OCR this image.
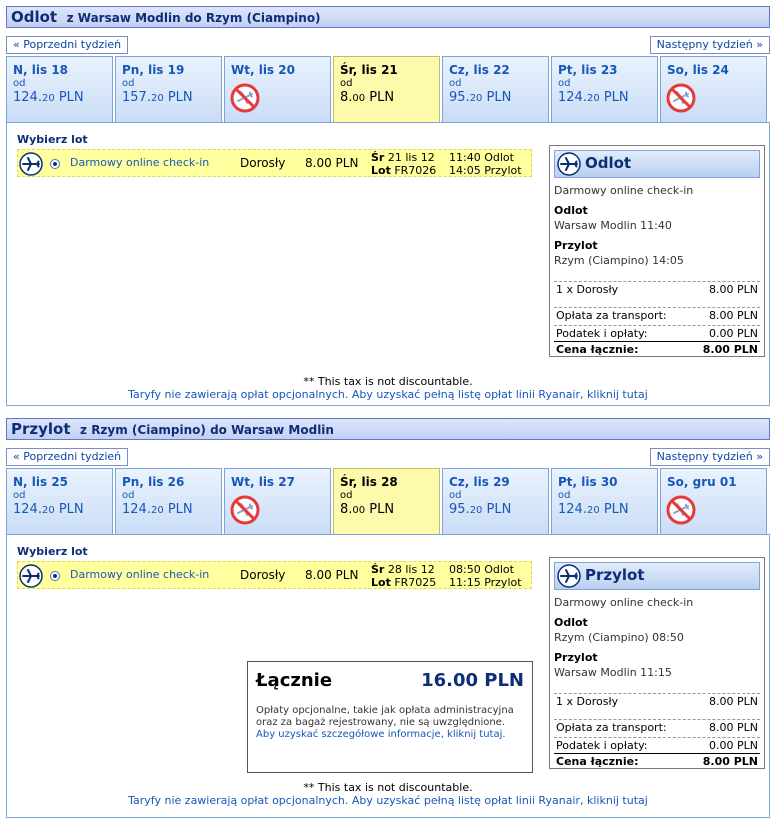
Odlot z Warsaw Modlin do Rzym (Ciampino)
« Poprzedni tydzień	Następny tydzień »
N, lis 18
od
124.20 PLN
Pn, lis 19
od
157.20 PLN
Wt, lis 20	Śr, lis 21
od
8.00 PLN
Cz, lis 22
od
95.20 PLN
Pt, lis 23
od
124.20 PLN
So, lis 24
Wybierz lot
Darmowy online check-in	Dorosły 8.00 PLN Śr 21 lis 12
Lot FR7026
11:40 Odlot
14:05 Przylot	Odlot
Darmowy online check-in
Odlot
Warsaw Modlin 11:40
Przylot
Rzym (Ciampino) 14:05
1 x Dorosły	8.00 PLN
Opłata za transport:	8.00 PLN
Podatek i opłaty:	0.00 PLN
Cena łącznie:	8.00 PLN
** This tax is not discountable.
Taryfy nie zawierają opłat opcjonalnych. Aby uzyskać pełną listę opłat linii Ryanair, kliknij tutaj
Przylot z Rzym (Ciampino) do Warsaw Modlin
« Poprzedni tydzień	Następny tydzień »
N, lis 25
od
124.20 PLN
Pn, lis 26
od
124.20 PLN
Wt, lis 27	Śr, lis 28
od
8.00 PLN
Cz, lis 29
od
95.20 PLN
Pt, lis 30
od
124.20 PLN
So, gru 01
Wybierz lot
Darmowy online check-in	Dorosły 8.00 PLN Śr 28 lis 12
Lot FR7025
08:50 Odlot
11:15 Przylot
Łącznie	16.00 PLN
Opłaty opcjonalne, takie jak opłata administracyjna oraz za bagaż rejestrowany, nie są uwzględnione.
Aby uzyskać szczegółowe informacje, kliknij tutaj.
Przylot
Darmowy online check-in
Odlot
Rzym (Ciampino) 08:50
Przylot
Warsaw Modlin 11:15
1 x Dorosły	8.00 PLN
Opłata za transport:	8.00 PLN
Podatek i opłaty:	0.00 PLN
Cena łącznie:	8.00 PLN
** This tax is not discountable.
Taryfy nie zawierają opłat opcjonalnych. Aby uzyskać pełną listę opłat linii Ryanair, kliknij tutaj
